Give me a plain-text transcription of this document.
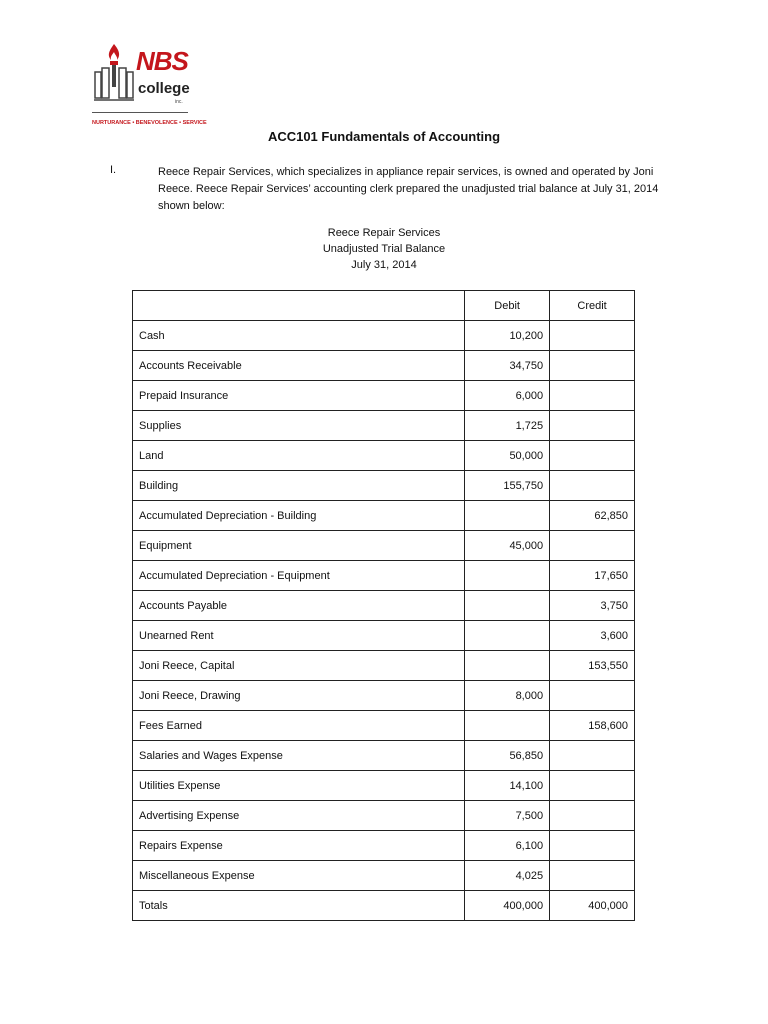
NBS
college
inc.
NURTURANCE • BENEVOLENCE • SERVICE
ACC101 Fundamentals of Accounting
I.	Reece Repair Services, which specializes in appliance repair services, is owned and operated by Joni
Reece. Reece Repair Services’ accounting clerk prepared the unadjusted trial balance at July 31, 2014
shown below:
Reece Repair Services
Unadjusted Trial Balance
July 31, 2014
	Debit	Credit
Cash	10,200	
Accounts Receivable	34,750	
Prepaid Insurance	6,000	
Supplies	1,725	
Land	50,000	
Building	155,750	
Accumulated Depreciation - Building		62,850
Equipment	45,000	
Accumulated Depreciation - Equipment		17,650
Accounts Payable		3,750
Unearned Rent		3,600
Joni Reece, Capital		153,550
Joni Reece, Drawing	8,000	
Fees Earned		158,600
Salaries and Wages Expense	56,850	
Utilities Expense	14,100	
Advertising Expense	7,500	
Repairs Expense	6,100	
Miscellaneous Expense	4,025	
Totals	400,000	400,000
